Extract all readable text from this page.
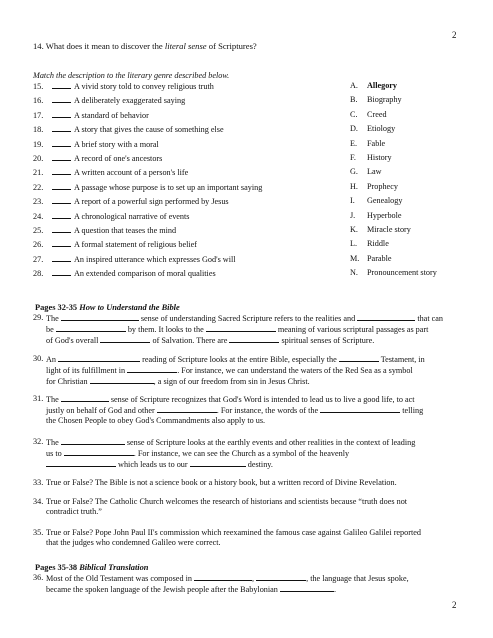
2
2
14. What does it mean to discover the literal sense of Scriptures?
Match the description to the literary genre described below.
15.	A vivid story told to convey religious truth
16.	A deliberately exaggerated saying
17.	A standard of behavior
18.	A story that gives the cause of something else
19.	A brief story with a moral
20.	A record of one's ancestors
21.	A written account of a person's life
22.	A passage whose purpose is to set up an important saying
23.	A report of a powerful sign performed by Jesus
24.	A chronological narrative of events
25.	A question that teases the mind
26.	A formal statement of religious belief
27.	An inspired utterance which expresses God's will
28.	An extended comparison of moral qualities
A. Allegory
B. Biography
C. Creed
D. Etiology
E. Fable
F. History
G. Law
H. Prophecy
I. Genealogy
J. Hyperbole
K. Miracle story
L. Riddle
M. Parable
N. Pronouncement story
Pages 32-35 How to Understand the Bible
29. The	sense of understanding Sacred Scripture refers to the realities and	that can
be	by them. It looks to the	meaning of various scriptural passages as part
of God's overall	of Salvation. There are	spiritual senses of Scripture.
30. An	reading of Scripture looks at the entire Bible, especially the	Testament, in
light of its fulfillment in	. For instance, we can understand the waters of the Red Sea as a symbol
for Christian	, a sign of our freedom from sin in Jesus Christ.
31. The	sense of Scripture recognizes that God's Word is intended to lead us to live a good life, to act
justly on behalf of God and other	. For instance, the words of the	telling
the Chosen People to obey God's Commandments also apply to us.
32. The	sense of Scripture looks at the earthly events and other realities in the context of leading
us to	. For instance, we can see the Church as a symbol of the heavenly
which leads us to our	destiny.
33. True or False? The Bible is not a science book or a history book, but a written record of Divine Revelation.
34. True or False? The Catholic Church welcomes the research of historians and scientists because “truth does not
contradict truth.”
35. True or False? Pope John Paul II's commission which reexamined the famous case against Galileo Galilei reported
that the judges who condemned Galileo were correct.
Pages 35-38 Biblical Translation
36. Most of the Old Testament was composed in	,	, the language that Jesus spoke,
became the spoken language of the Jewish people after the Babylonian	.
